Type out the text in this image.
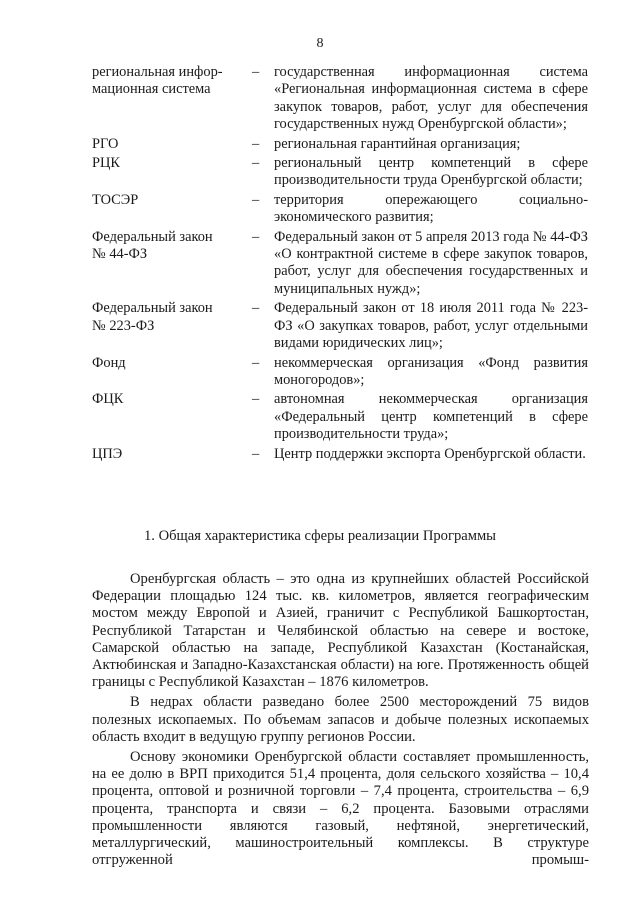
8
региональная инфор-
мационная система
–	государственная информационная система «Региональная информационная система в сфере закупок товаров, работ, услуг для обеспечения государственных нужд Оренбургской области»;
РГО	–	региональная гарантийная организация;
РЦК	–	региональный центр компетенций в сфере производительности труда Оренбургской области;
ТОСЭР	–	территория опережающего социально-экономического развития;
Федеральный закон
№ 44-ФЗ
–	Федеральный закон от 5 апреля 2013 года № 44-ФЗ «О контрактной системе в сфере закупок товаров, работ, услуг для обеспечения государственных и муниципальных нужд»;
Федеральный закон
№ 223-ФЗ
–	Федеральный закон от 18 июля 2011 года № 223-ФЗ «О закупках товаров, работ, услуг отдельными видами юридических лиц»;
Фонд	–	некоммерческая организация «Фонд развития моногородов»;
ФЦК	–	автономная некоммерческая организация «Федеральный центр компетенций в сфере производительности труда»;
ЦПЭ	–	Центр поддержки экспорта Оренбургской области.
1. Общая характеристика сферы реализации Программы

Оренбургская область – это одна из крупнейших областей Российской Федерации площадью 124 тыс. кв. километров, является географическим мостом между Европой и Азией, граничит с Республикой Башкортостан, Республикой Татарстан и Челябинской областью на севере и востоке, Самарской областью на западе, Республикой Казахстан (Костанайская, Актюбинская и Западно-Казахстанская области) на юге. Протяженность общей границы с Республикой Казахстан – 1876 километров.

В недрах области разведано более 2500 месторождений 75 видов полезных ископаемых. По объемам запасов и добыче полезных ископаемых область входит в ведущую группу регионов России.

Основу экономики Оренбургской области составляет промышленность, на ее долю в ВРП приходится 51,4 процента, доля сельского хозяйства – 10,4 процента, оптовой и розничной торговли – 7,4 процента, строительства – 6,9 процента, транспорта и связи – 6,2 процента. Базовыми отраслями промышленности являются газовый, нефтяной, энергетический, металлургический, машиностроительный комплексы. В структуре отгруженной промыш-
